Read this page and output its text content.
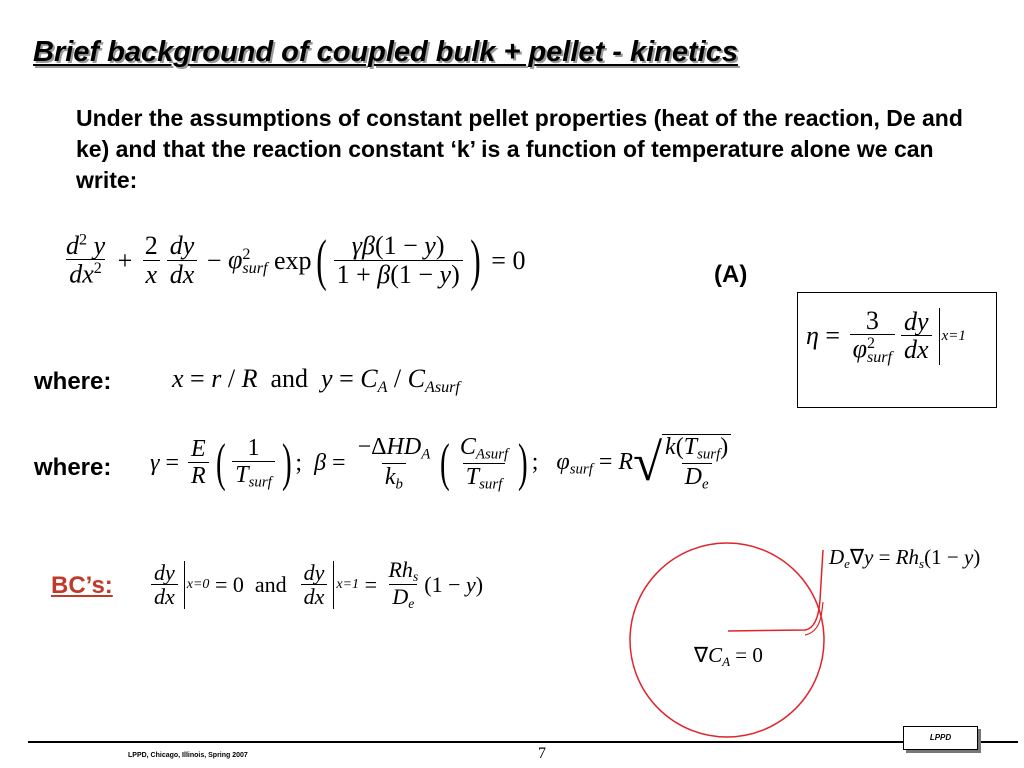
Brief background of coupled bulk + pellet - kinetics
Under the assumptions of constant pellet properties (heat of the reaction, De and ke) and that the reaction constant ‘k’ is a function of temperature alone we can write:
$\frac{d^2 y}{dx^2} + \frac{2}{x} \frac{dy}{dx} - \varphi$ 2
surf exp ( $\frac{\gamma\beta(1 - y)}{1 + \beta(1 - y)}$ ) = 0	(A)
η = 3
φ 2
surf $\frac{dy}{dx} x=1$
where: x = r / R and $y = C_A / C_{Asurf}$
where: $\gamma = \frac{E}{R}$ ( $\frac{1}{T_{surf}}$ ) ;  $\beta = \frac{-\Delta HD_A}{k_b}$ ( $\frac{C_{Asurf}}{T_{surf}}$ ) ;   $\varphi_{surf} = R$ √ $\frac{k(T_{surf})}{D_e}$
BC’s: $\frac{dy}{dx} x=0 = 0$  and $\frac{dy}{dx} x=1 = \frac{Rh_s}{D_e} (1 - y)$
$D_e\nabla y = Rh_s(1 - y)$
$\nabla C_A = 0$
LPPD, Chicago, Illinois, Spring 2007	7
LPPD
